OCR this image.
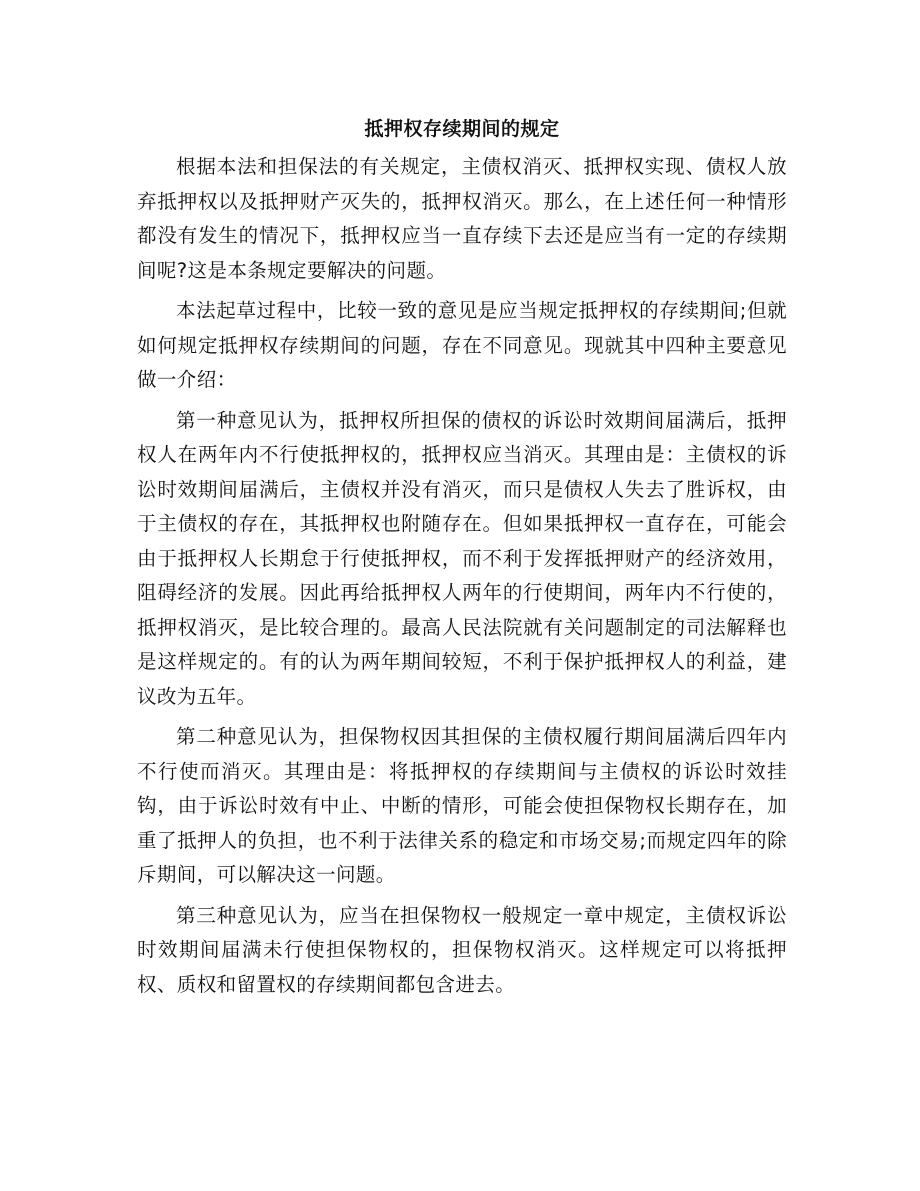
抵押权存续期间的规定

根据本法和担保法的有关规定，主债权消灭、抵押权实现、债权人放弃抵押权以及抵押财产灭失的，抵押权消灭。那么，在上述任何一种情形都没有发生的情况下，抵押权应当一直存续下去还是应当有一定的存续期间呢?这是本条规定要解决的问题。

本法起草过程中，比较一致的意见是应当规定抵押权的存续期间;但就如何规定抵押权存续期间的问题，存在不同意见。现就其中四种主要意见做一介绍：

第一种意见认为，抵押权所担保的债权的诉讼时效期间届满后，抵押权人在两年内不行使抵押权的，抵押权应当消灭。其理由是：主债权的诉讼时效期间届满后，主债权并没有消灭，而只是债权人失去了胜诉权，由于主债权的存在，其抵押权也附随存在。但如果抵押权一直存在，可能会由于抵押权人长期怠于行使抵押权，而不利于发挥抵押财产的经济效用，阻碍经济的发展。因此再给抵押权人两年的行使期间，两年内不行使的，抵押权消灭，是比较合理的。最高人民法院就有关问题制定的司法解释也是这样规定的。有的认为两年期间较短，不利于保护抵押权人的利益，建议改为五年。

第二种意见认为，担保物权因其担保的主债权履行期间届满后四年内不行使而消灭。其理由是：将抵押权的存续期间与主债权的诉讼时效挂钩，由于诉讼时效有中止、中断的情形，可能会使担保物权长期存在，加重了抵押人的负担，也不利于法律关系的稳定和市场交易;而规定四年的除斥期间，可以解决这一问题。

第三种意见认为，应当在担保物权一般规定一章中规定，主债权诉讼时效期间届满未行使担保物权的，担保物权消灭。这样规定可以将抵押权、质权和留置权的存续期间都包含进去。
